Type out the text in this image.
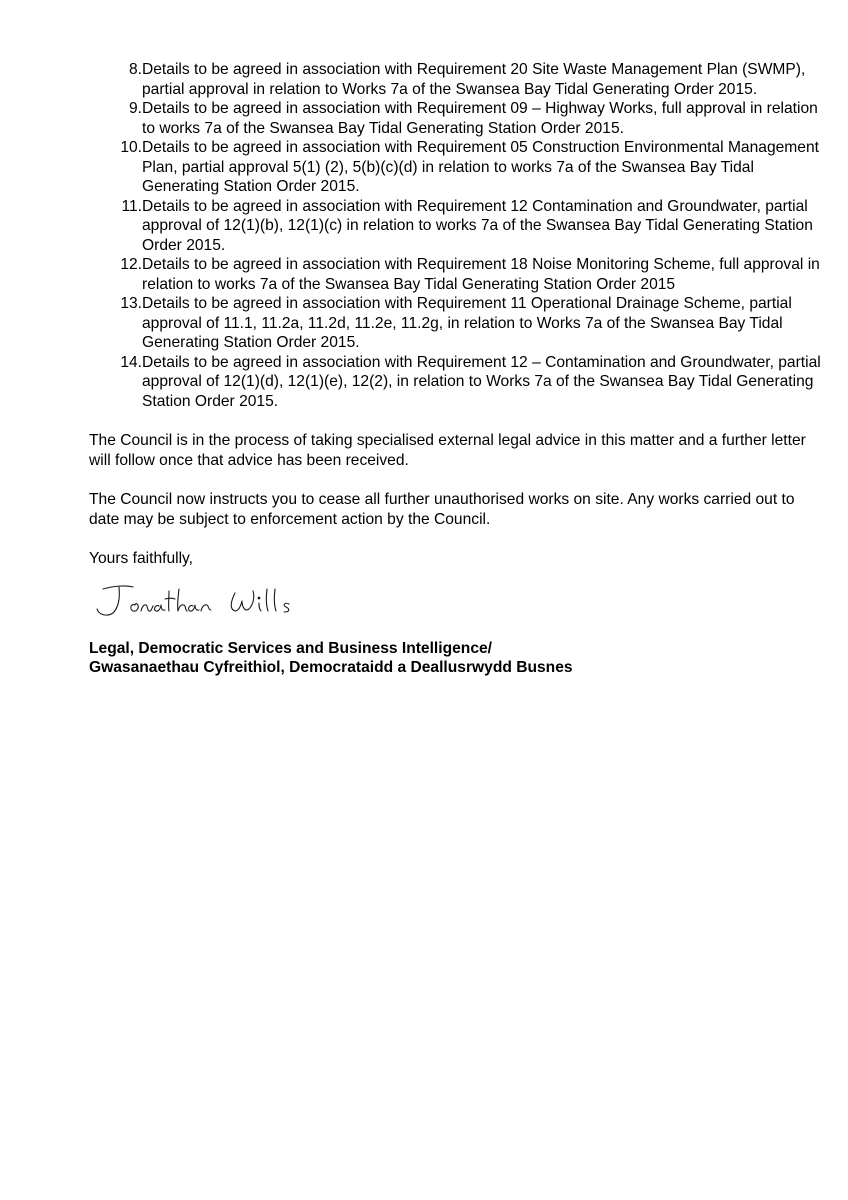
8. Details to be agreed in association with Requirement 20 Site Waste Management Plan (SWMP), partial approval in relation to Works 7a of the Swansea Bay Tidal Generating Order 2015.
9. Details to be agreed in association with Requirement 09 – Highway Works, full approval in relation to works 7a of the Swansea Bay Tidal Generating Station Order 2015.
10. Details to be agreed in association with Requirement 05 Construction Environmental Management Plan, partial approval 5(1) (2), 5(b)(c)(d) in relation to works 7a of the Swansea Bay Tidal Generating Station Order 2015.
11. Details to be agreed in association with Requirement 12 Contamination and Groundwater, partial approval of 12(1)(b), 12(1)(c) in relation to works 7a of the Swansea Bay Tidal Generating Station Order 2015.
12. Details to be agreed in association with Requirement 18 Noise Monitoring Scheme, full approval in relation to works 7a of the Swansea Bay Tidal Generating Station Order 2015
13. Details to be agreed in association with Requirement 11 Operational Drainage Scheme, partial approval of 11.1, 11.2a, 11.2d, 11.2e, 11.2g, in relation to Works 7a of the Swansea Bay Tidal Generating Station Order 2015.
14. Details to be agreed in association with Requirement 12 – Contamination and Groundwater, partial approval of 12(1)(d), 12(1)(e), 12(2), in relation to Works 7a of the Swansea Bay Tidal Generating Station Order 2015.

The Council is in the process of taking specialised external legal advice in this matter and a further letter will follow once that advice has been received.

The Council now instructs you to cease all further unauthorised works on site. Any works carried out to date may be subject to enforcement action by the Council.

Yours faithfully,

Legal, Democratic Services and Business Intelligence/
Gwasanaethau Cyfreithiol, Democrataidd a Deallusrwydd Busnes
